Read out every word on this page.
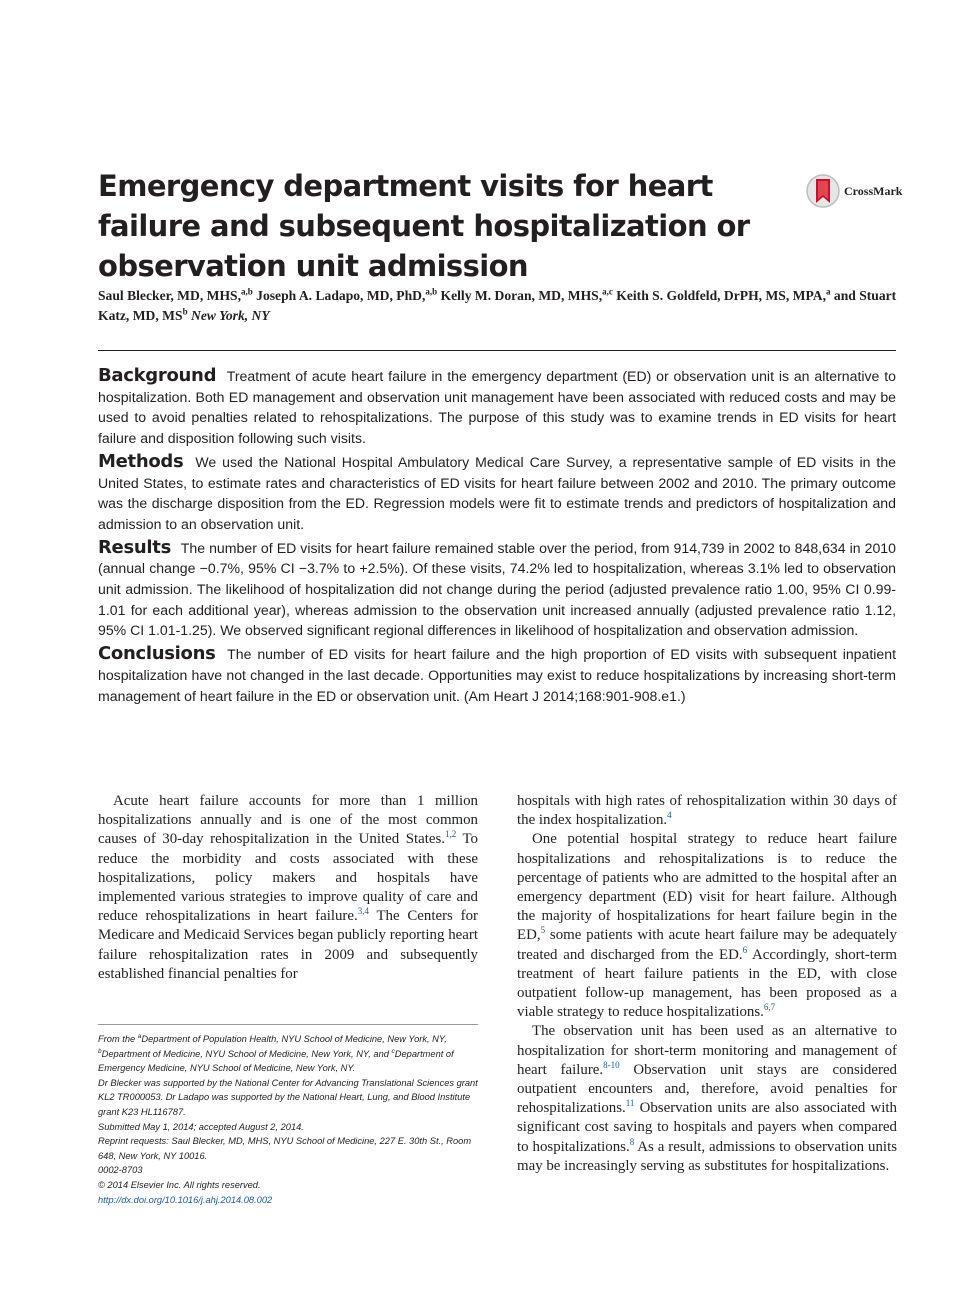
Emergency department visits for heart failure and subsequent hospitalization or observation unit admission
CrossMark
Saul Blecker, MD, MHS,$^{a,b}$ Joseph A. Ladapo, MD, PhD,$^{a,b}$ Kelly M. Doran, MD, MHS,$^{a,c}$ Keith S. Goldfeld, DrPH, MS, MPA,$^a$ and Stuart Katz, MD, $MS^b$ New York, NY

Background Treatment of acute heart failure in the emergency department (ED) or observation unit is an alternative to hospitalization. Both ED management and observation unit management have been associated with reduced costs and may be used to avoid penalties related to rehospitalizations. The purpose of this study was to examine trends in ED visits for heart failure and disposition following such visits.

Methods We used the National Hospital Ambulatory Medical Care Survey, a representative sample of ED visits in the United States, to estimate rates and characteristics of ED visits for heart failure between 2002 and 2010. The primary outcome was the discharge disposition from the ED. Regression models were fit to estimate trends and predictors of hospitalization and admission to an observation unit.

Results The number of ED visits for heart failure remained stable over the period, from 914,739 in 2002 to 848,634 in 2010 (annual change −0.7%, 95% CI −3.7% to +2.5%). Of these visits, 74.2% led to hospitalization, whereas 3.1% led to observation unit admission. The likelihood of hospitalization did not change during the period (adjusted prevalence ratio 1.00, 95% CI 0.99-1.01 for each additional year), whereas admission to the observation unit increased annually (adjusted prevalence ratio 1.12, 95% CI 1.01-1.25). We observed significant regional differences in likelihood of hospitalization and observation admission.

Conclusions The number of ED visits for heart failure and the high proportion of ED visits with subsequent inpatient hospitalization have not changed in the last decade. Opportunities may exist to reduce hospitalizations by increasing short-term management of heart failure in the ED or observation unit. (Am Heart J 2014;168:901-908.e1.)

Acute heart failure accounts for more than 1 million hospitalizations annually and is one of the most common causes of 30-day rehospitalization in the United States.$^{1,2}$ To reduce the morbidity and costs associated with these hospitalizations, policy makers and hospitals have implemented various strategies to improve quality of care and reduce rehospitalizations in heart failure.$^{3,4}$ The Centers for Medicare and Medicaid Services began publicly reporting heart failure rehospitalization rates in 2009 and subsequently established financial penalties for

From the $^a$Department of Population Health, NYU School of Medicine, New York, NY, $^b$Department of Medicine, NYU School of Medicine, New York, NY, and $^c$Department of Emergency Medicine, NYU School of Medicine, New York, NY.
Dr Blecker was supported by the National Center for Advancing Translational Sciences grant KL2 TR000053. Dr Ladapo was supported by the National Heart, Lung, and Blood Institute grant K23 HL116787.
Submitted May 1, 2014; accepted August 2, 2014.
Reprint requests: Saul Blecker, MD, MHS, NYU School of Medicine, 227 E. 30th St., Room 648, New York, NY 10016.
0002-8703
© 2014 Elsevier Inc. All rights reserved.
http://dx.doi.org/10.1016/j.ahj.2014.08.002

hospitals with high rates of rehospitalization within 30 days of the index hospitalization.$^4$

One potential hospital strategy to reduce heart failure hospitalizations and rehospitalizations is to reduce the percentage of patients who are admitted to the hospital after an emergency department (ED) visit for heart failure. Although the majority of hospitalizations for heart failure begin in the ED,$^5$ some patients with acute heart failure may be adequately treated and discharged from the ED.$^6$ Accordingly, short-term treatment of heart failure patients in the ED, with close outpatient follow-up management, has been proposed as a viable strategy to reduce hospitalizations.$^{6,7}$

The observation unit has been used as an alternative to hospitalization for short-term monitoring and management of heart failure.$^{8-10}$ Observation unit stays are considered outpatient encounters and, therefore, avoid penalties for rehospitalizations.$^{11}$ Observation units are also associated with significant cost saving to hospitals and payers when compared to hospitalizations.$^8$ As a result, admissions to observation units may be increasingly serving as substitutes for hospitalizations.
